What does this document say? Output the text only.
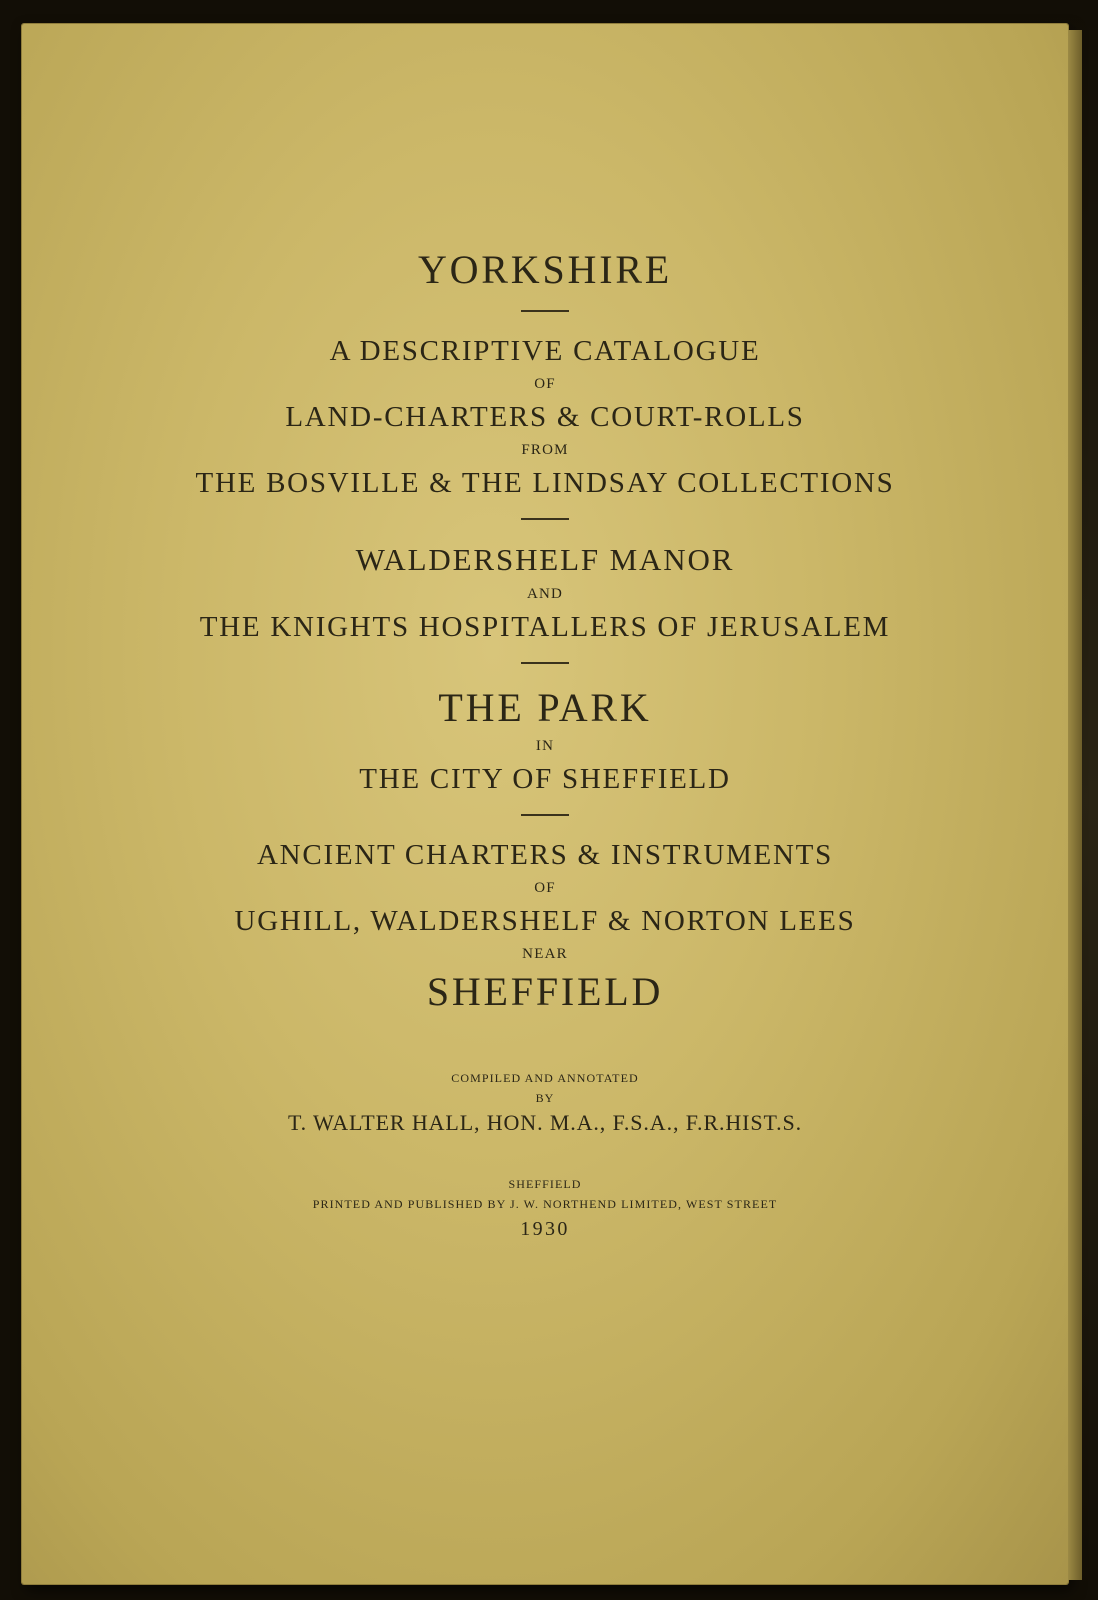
YORKSHIRE
A DESCRIPTIVE CATALOGUE
OF
LAND-CHARTERS & COURT-ROLLS
FROM
THE BOSVILLE & THE LINDSAY COLLECTIONS
WALDERSHELF MANOR
AND
THE KNIGHTS HOSPITALLERS OF JERUSALEM
THE PARK
IN
THE CITY OF SHEFFIELD
ANCIENT CHARTERS & INSTRUMENTS
OF
UGHILL, WALDERSHELF & NORTON LEES
NEAR
SHEFFIELD
COMPILED AND ANNOTATED
BY
T. WALTER HALL, HON. M.A., F.S.A., F.R.HIST.S.
SHEFFIELD
PRINTED AND PUBLISHED BY J. W. NORTHEND LIMITED, WEST STREET
1930
